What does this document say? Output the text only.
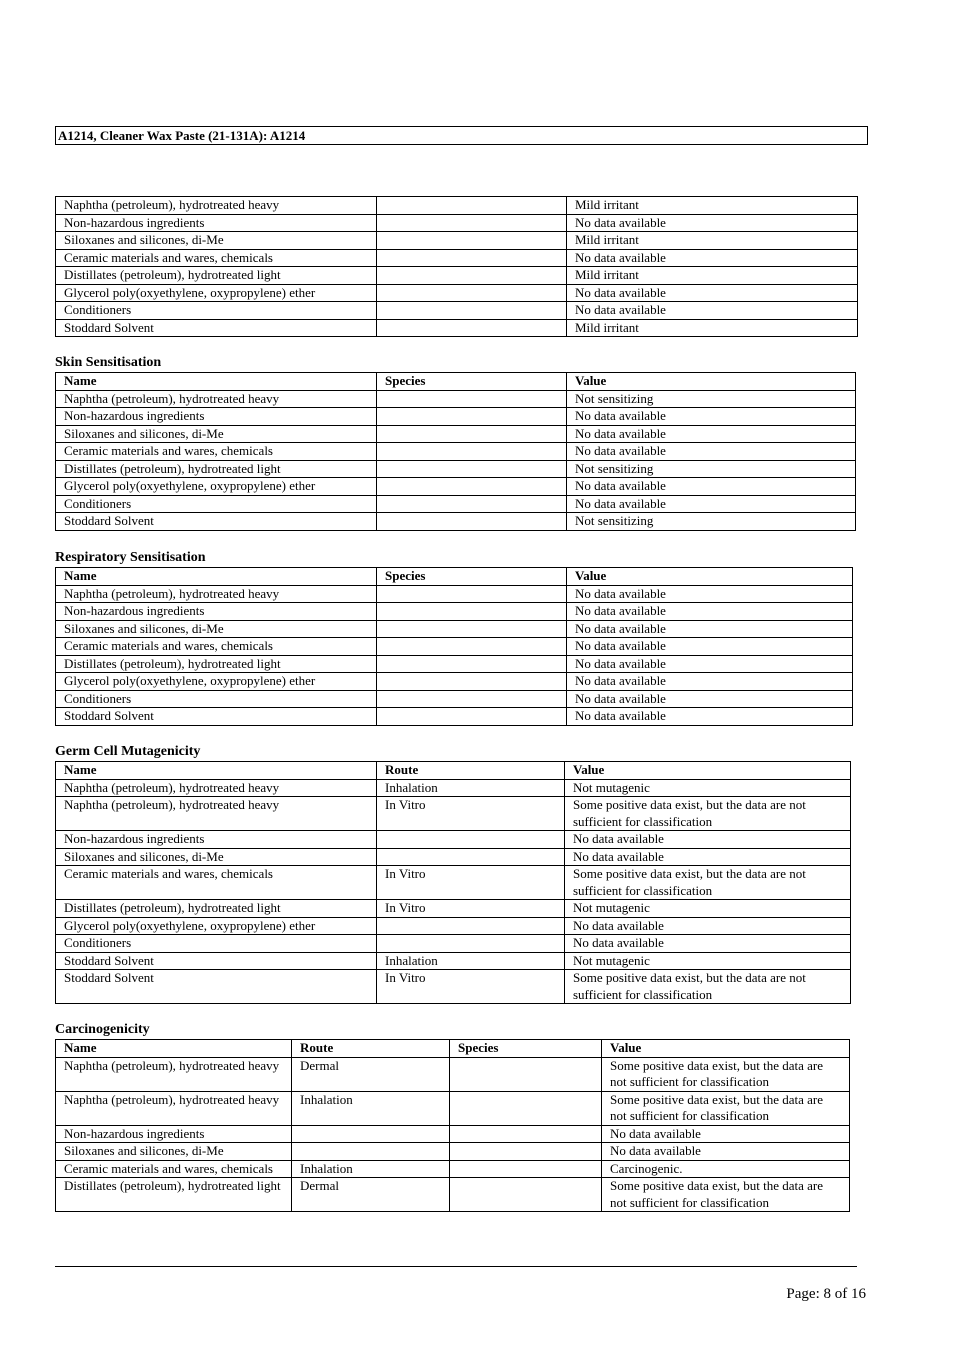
A1214, Cleaner Wax Paste (21-131A): A1214
Naphtha (petroleum), hydrotreated heavy		Mild irritant
Non-hazardous ingredients		No data available
Siloxanes and silicones, di-Me		Mild irritant
Ceramic materials and wares, chemicals		No data available
Distillates (petroleum), hydrotreated light		Mild irritant
Glycerol poly(oxyethylene, oxypropylene) ether		No data available
Conditioners		No data available
Stoddard Solvent		Mild irritant
Skin Sensitisation
Name	Species	Value
Naphtha (petroleum), hydrotreated heavy		Not sensitizing
Non-hazardous ingredients		No data available
Siloxanes and silicones, di-Me		No data available
Ceramic materials and wares, chemicals		No data available
Distillates (petroleum), hydrotreated light		Not sensitizing
Glycerol poly(oxyethylene, oxypropylene) ether		No data available
Conditioners		No data available
Stoddard Solvent		Not sensitizing
Respiratory Sensitisation
Name	Species	Value
Naphtha (petroleum), hydrotreated heavy		No data available
Non-hazardous ingredients		No data available
Siloxanes and silicones, di-Me		No data available
Ceramic materials and wares, chemicals		No data available
Distillates (petroleum), hydrotreated light		No data available
Glycerol poly(oxyethylene, oxypropylene) ether		No data available
Conditioners		No data available
Stoddard Solvent		No data available
Germ Cell Mutagenicity
Name	Route	Value
Naphtha (petroleum), hydrotreated heavy	Inhalation	Not mutagenic
Naphtha (petroleum), hydrotreated heavy	In Vitro	Some positive data exist, but the data are not sufficient for classification
Non-hazardous ingredients		No data available
Siloxanes and silicones, di-Me		No data available
Ceramic materials and wares, chemicals	In Vitro	Some positive data exist, but the data are not sufficient for classification
Distillates (petroleum), hydrotreated light	In Vitro	Not mutagenic
Glycerol poly(oxyethylene, oxypropylene) ether		No data available
Conditioners		No data available
Stoddard Solvent	Inhalation	Not mutagenic
Stoddard Solvent	In Vitro	Some positive data exist, but the data are not sufficient for classification
Carcinogenicity
Name	Route	Species	Value
Naphtha (petroleum), hydrotreated heavy	Dermal		Some positive data exist, but the data are not sufficient for classification
Naphtha (petroleum), hydrotreated heavy	Inhalation		Some positive data exist, but the data are not sufficient for classification
Non-hazardous ingredients			No data available
Siloxanes and silicones, di-Me			No data available
Ceramic materials and wares, chemicals	Inhalation		Carcinogenic.
Distillates (petroleum), hydrotreated light	Dermal		Some positive data exist, but the data are not sufficient for classification
Page: 8 of 16
